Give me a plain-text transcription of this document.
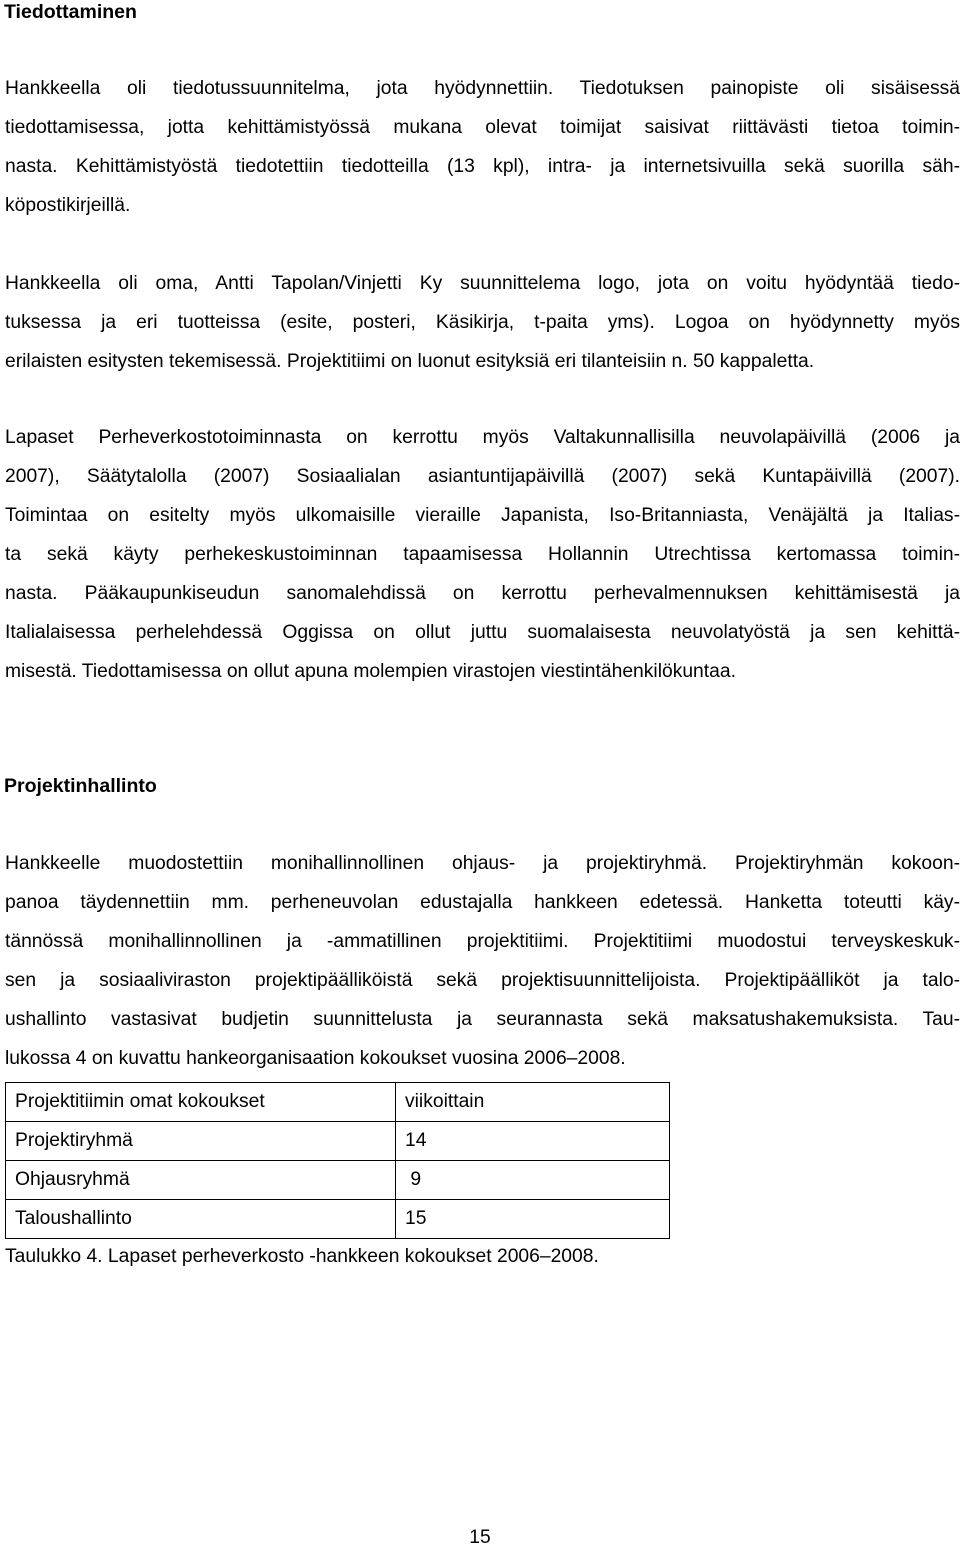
Tiedottaminen
Hankkeella oli tiedotussuunnitelma, jota hyödynnettiin. Tiedotuksen painopiste oli sisäisessä
tiedottamisessa, jotta kehittämistyössä mukana olevat toimijat saisivat riittävästi tietoa toimin-
nasta. Kehittämistyöstä tiedotettiin tiedotteilla (13 kpl), intra- ja internetsivuilla sekä suorilla säh-
köpostikirjeillä.
Hankkeella oli oma, Antti Tapolan/Vinjetti Ky suunnittelema logo, jota on voitu hyödyntää tiedo-
tuksessa ja eri tuotteissa (esite, posteri, Käsikirja, t-paita yms). Logoa on hyödynnetty myös
erilaisten esitysten tekemisessä. Projektitiimi on luonut esityksiä eri tilanteisiin n. 50 kappaletta.
Lapaset Perheverkostotoiminnasta on kerrottu myös Valtakunnallisilla neuvolapäivillä (2006 ja
2007), Säätytalolla (2007) Sosiaalialan asiantuntijapäivillä (2007) sekä Kuntapäivillä (2007).
Toimintaa on esitelty myös ulkomaisille vieraille Japanista, Iso-Britanniasta, Venäjältä ja Italias-
ta sekä käyty perhekeskustoiminnan tapaamisessa Hollannin Utrechtissa kertomassa toimin-
nasta. Pääkaupunkiseudun sanomalehdissä on kerrottu perhevalmennuksen kehittämisestä ja
Italialaisessa perhelehdessä Oggissa on ollut juttu suomalaisesta neuvolatyöstä ja sen kehittä-
misestä. Tiedottamisessa on ollut apuna molempien virastojen viestintähenkilökuntaa.
Projektinhallinto
Hankkeelle muodostettiin monihallinnollinen ohjaus- ja projektiryhmä. Projektiryhmän kokoon-
panoa täydennettiin mm. perheneuvolan edustajalla hankkeen edetessä. Hanketta toteutti käy-
tännössä monihallinnollinen ja -ammatillinen projektitiimi. Projektitiimi muodostui terveyskeskuk-
sen ja sosiaaliviraston projektipäälliköistä sekä projektisuunnittelijoista. Projektipäälliköt ja talo-
ushallinto vastasivat budjetin suunnittelusta ja seurannasta sekä maksatushakemuksista. Tau-
lukossa 4 on kuvattu hankeorganisaation kokoukset vuosina 2006–2008.
Projektitiimin omat kokoukset	viikoittain
Projektiryhmä	14
Ohjausryhmä	9
Taloushallinto	15
Taulukko 4. Lapaset perheverkosto -hankkeen kokoukset 2006–2008.
15
